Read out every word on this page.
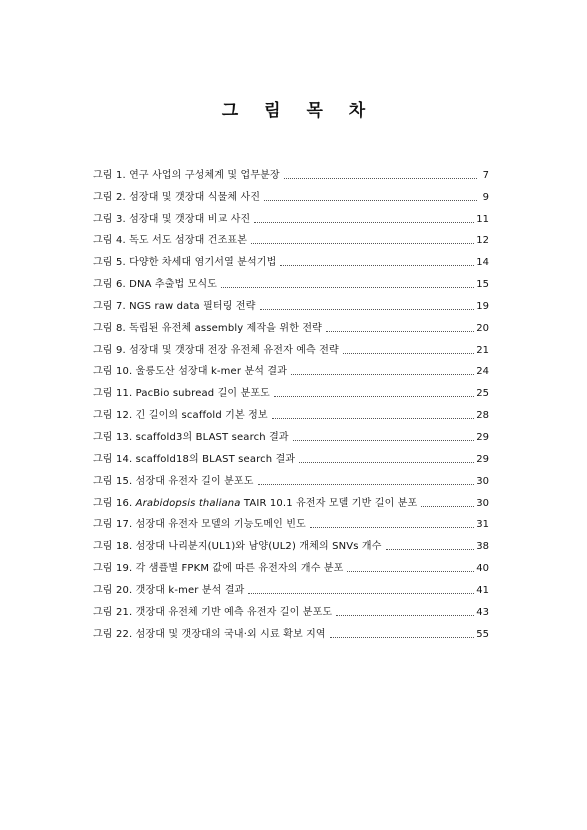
그 림 목 차
그림 1. 연구 사업의 구성체계 및 업무분장	7
그림 2. 섬장대 및 갯장대 식물체 사진	9
그림 3. 섬장대 및 갯장대 비교 사진	11
그림 4. 독도 서도 섬장대 건조표본	12
그림 5. 다양한 차세대 염기서열 분석기법	14
그림 6. DNA 추출법 모식도	15
그림 7. NGS raw data 필터링 전략	19
그림 8. 독립된 유전체 assembly 제작을 위한 전략	20
그림 9. 섬장대 및 갯장대 전장 유전체 유전자 예측 전략	21
그림 10. 울릉도산 섬장대 k-mer 분석 결과	24
그림 11. PacBio subread 길이 분포도	25
그림 12. 긴 길이의 scaffold 기본 정보	28
그림 13. scaffold3의 BLAST search 결과	29
그림 14. scaffold18의 BLAST search 결과	29
그림 15. 섬장대 유전자 길이 분포도	30
그림 16. Arabidopsis thaliana TAIR 10.1 유전자 모델 기반 길이 분포	30
그림 17. 섬장대 유전자 모델의 기능도메인 빈도	31
그림 18. 섬장대 나리분지(UL1)와 남양(UL2) 개체의 SNVs 개수	38
그림 19. 각 샘플별 FPKM 값에 따른 유전자의 개수 분포	40
그림 20. 갯장대 k-mer 분석 결과	41
그림 21. 갯장대 유전체 기반 예측 유전자 길이 분포도	43
그림 22. 섬장대 및 갯장대의 국내·외 시료 확보 지역	55
